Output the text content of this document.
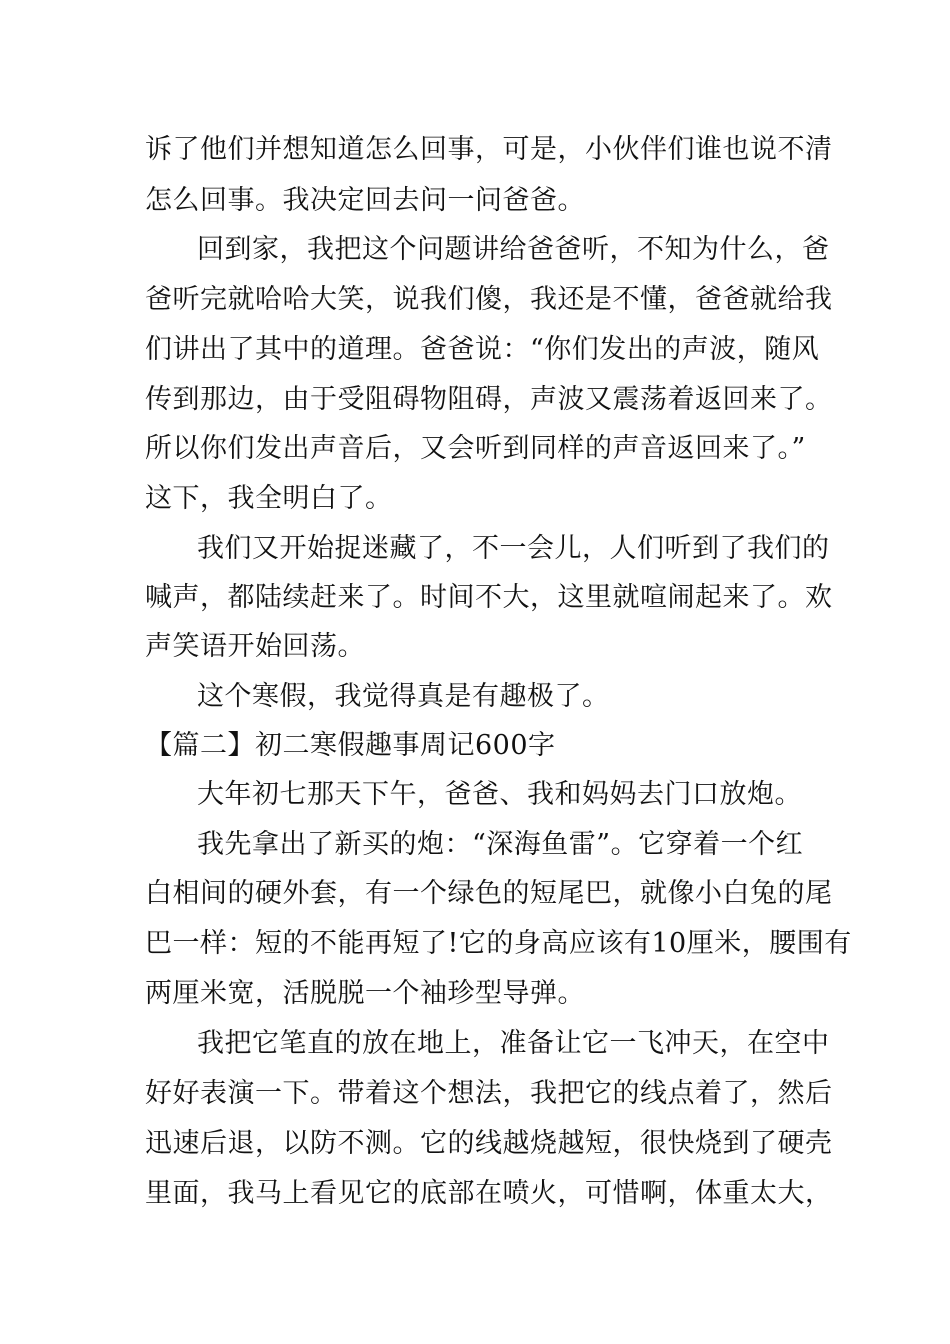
诉了他们并想知道怎么回事，可是，小伙伴们谁也说不清
怎么回事。我决定回去问一问爸爸。
回到家，我把这个问题讲给爸爸听，不知为什么，爸
爸听完就哈哈大笑，说我们傻，我还是不懂，爸爸就给我
们讲出了其中的道理。爸爸说：“你们发出的声波，随风
传到那边，由于受阻碍物阻碍，声波又震荡着返回来了。
所以你们发出声音后，又会听到同样的声音返回来了。”
这下，我全明白了。
我们又开始捉迷藏了，不一会儿，人们听到了我们的
喊声，都陆续赶来了。时间不大，这里就喧闹起来了。欢
声笑语开始回荡。
这个寒假，我觉得真是有趣极了。
【篇二】初二寒假趣事周记600字
大年初七那天下午，爸爸、我和妈妈去门口放炮。
我先拿出了新买的炮：“深海鱼雷”。它穿着一个红
白相间的硬外套，有一个绿色的短尾巴，就像小白兔的尾
巴一样：短的不能再短了!它的身高应该有10厘米，腰围有
两厘米宽，活脱脱一个袖珍型导弹。
我把它笔直的放在地上，准备让它一飞冲天，在空中
好好表演一下。带着这个想法，我把它的线点着了，然后
迅速后退，以防不测。它的线越烧越短，很快烧到了硬壳
里面，我马上看见它的底部在喷火，可惜啊，体重太大，
